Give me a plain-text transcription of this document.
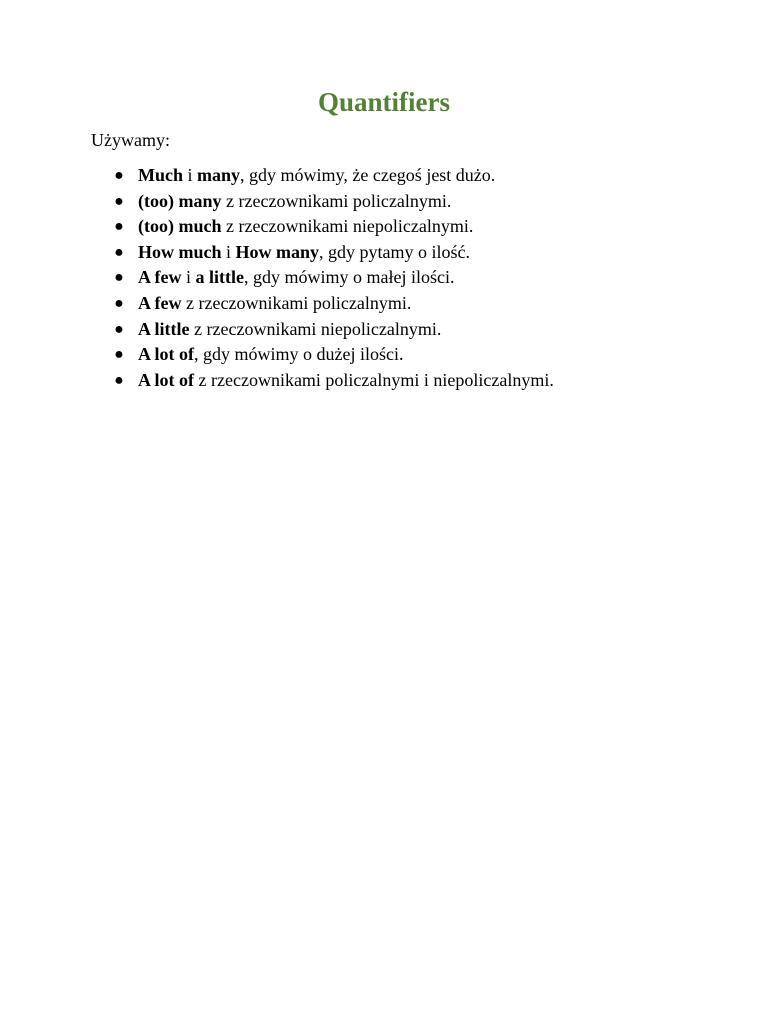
Quantifiers
Używamy:
● Much i many, gdy mówimy, że czegoś jest dużo.
● (too) many z rzeczownikami policzalnymi.
● (too) much z rzeczownikami niepoliczalnymi.
● How much i How many, gdy pytamy o ilość.
● A few i a little, gdy mówimy o małej ilości.
● A few z rzeczownikami policzalnymi.
● A little z rzeczownikami niepoliczalnymi.
● A lot of, gdy mówimy o dużej ilości.
● A lot of z rzeczownikami policzalnymi i niepoliczalnymi.
